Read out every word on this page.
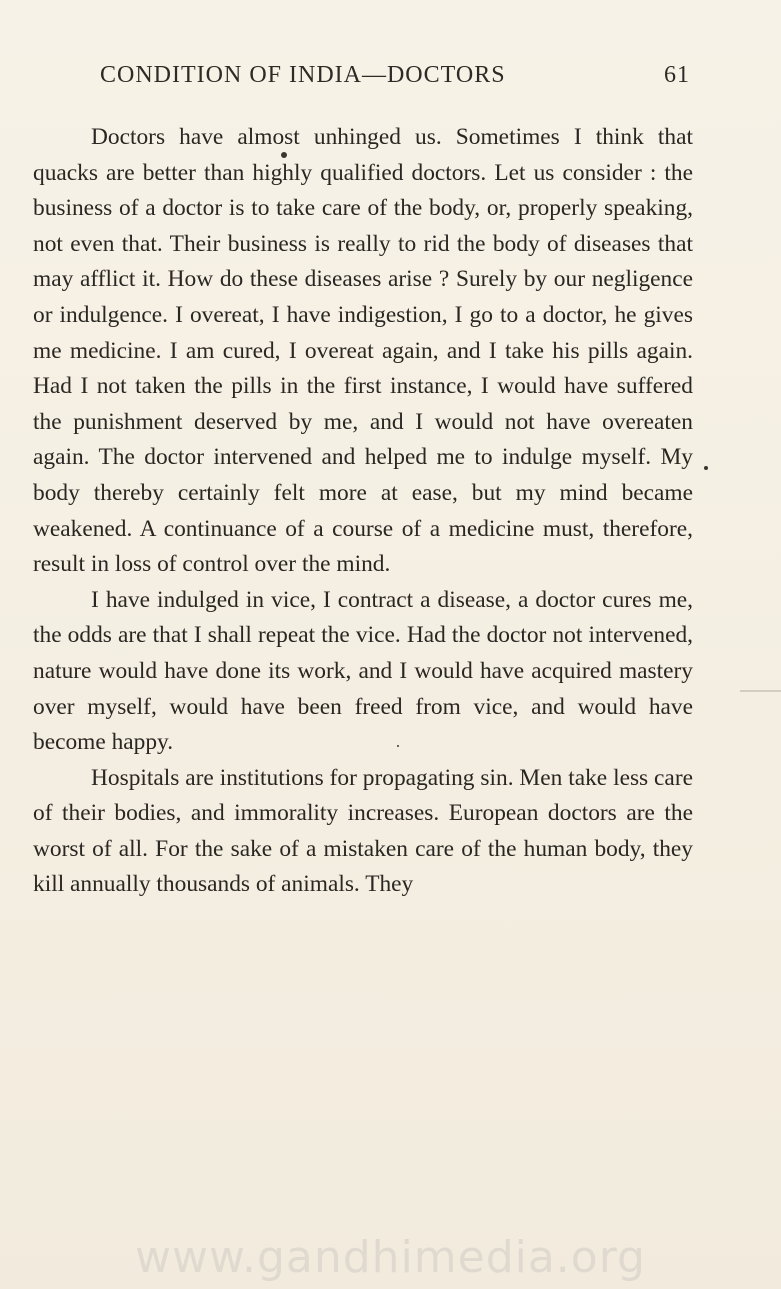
CONDITION OF INDIA—DOCTORS	61

Doctors have almost unhinged us. Sometimes I think that quacks are better than highly qualified doctors. Let us consider : the business of a doctor is to take care of the body, or, properly speaking, not even that. Their business is really to rid the body of diseases that may afflict it. How do these diseases arise ? Surely by our negligence or indulgence. I overeat, I have indigestion, I go to a doctor, he gives me medicine. I am cured, I overeat again, and I take his pills again. Had I not taken the pills in the first instance, I would have suffered the punishment deserved by me, and I would not have overeaten again. The doctor intervened and helped me to indulge myself. My body thereby certainly felt more at ease, but my mind became weakened. A continuance of a course of a medicine must, therefore, result in loss of control over the mind.

I have indulged in vice, I contract a disease, a doctor cures me, the odds are that I shall repeat the vice. Had the doctor not intervened, nature would have done its work, and I would have acquired mastery over myself, would have been freed from vice, and would have become happy.

Hospitals are institutions for propagating sin. Men take less care of their bodies, and immorality increases. European doctors are the worst of all. For the sake of a mistaken care of the human body, they kill annually thousands of animals. They

www.gandhimedia.org
